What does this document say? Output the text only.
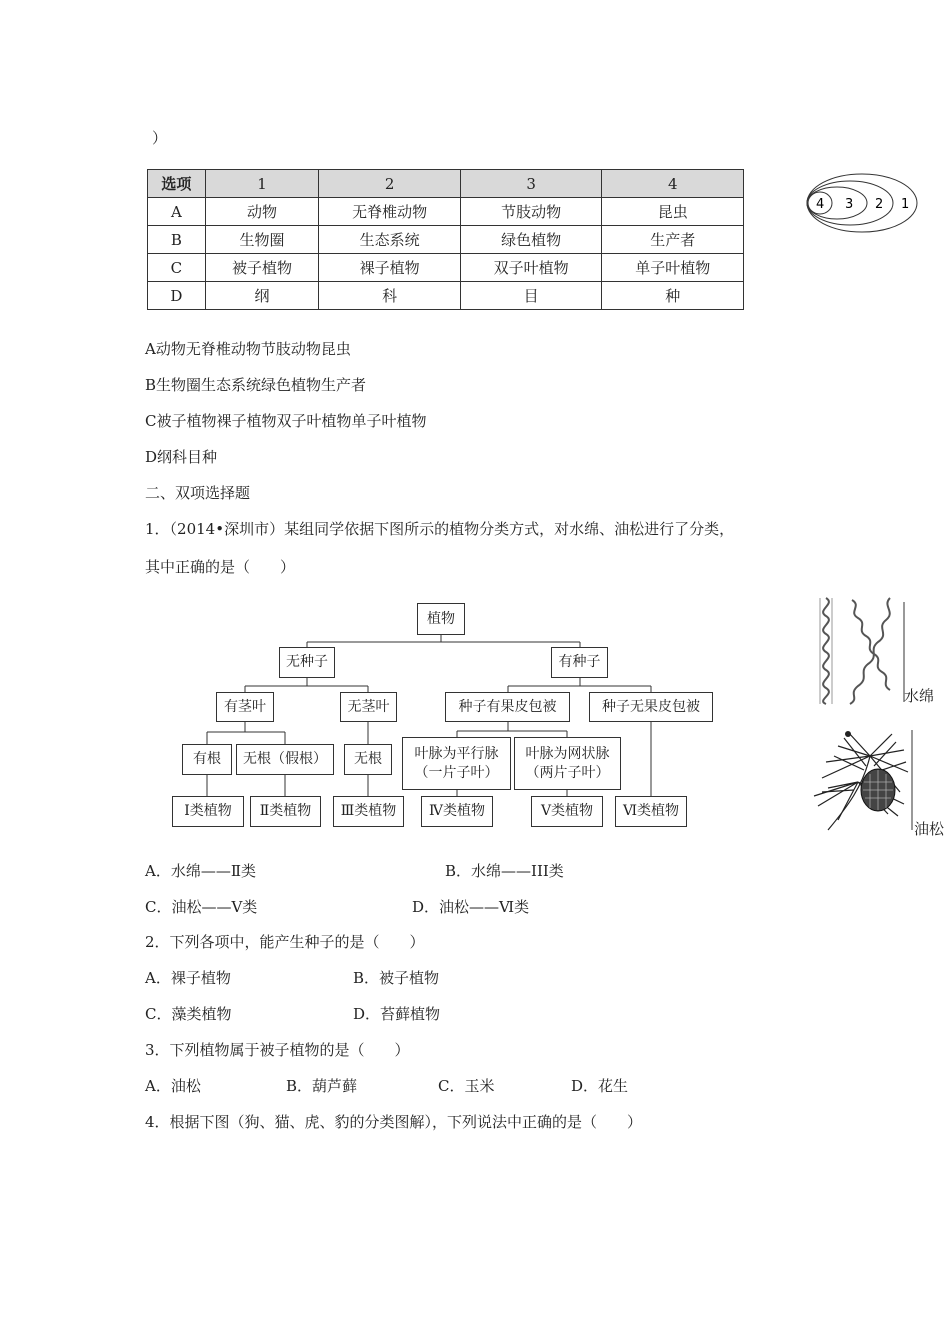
）
选项	1	2	3	4
A	动物	无脊椎动物	节肢动物	昆虫
B	生物圈	生态系统	绿色植物	生产者
C	被子植物	裸子植物	双子叶植物	单子叶植物
D	纲	科	目	种
4 3 2 1
A动物无脊椎动物节肢动物昆虫
B生物圈生态系统绿色植物生产者
C被子植物裸子植物双子叶植物单子叶植物
D纲科目种
二、双项选择题
1．（2014•深圳市）某组同学依据下图所示的植物分类方式，对水绵、油松进行了分类，
其中正确的是（　　）
植物
无种子	有种子
有茎叶	无茎叶	种子有果皮包被	种子无果皮包被
有根	无根（假根）	无根	叶脉为平行脉
（一片子叶）
叶脉为网状脉
（两片子叶）
Ⅰ类植物	Ⅱ类植物	Ⅲ类植物	Ⅳ类植物	Ⅴ类植物	Ⅵ类植物
水绵
油松
A．水绵——Ⅱ类	B．水绵——III类
C．油松——Ⅴ类	D．油松——Ⅵ类
2．下列各项中，能产生种子的是（　　）
A．裸子植物	B．被子植物
C．藻类植物	D．苔藓植物
3．下列植物属于被子植物的是（　　）
A．油松	B．葫芦藓	C．玉米	D．花生
4．根据下图（狗、猫、虎、豹的分类图解），下列说法中正确的是（　　）
